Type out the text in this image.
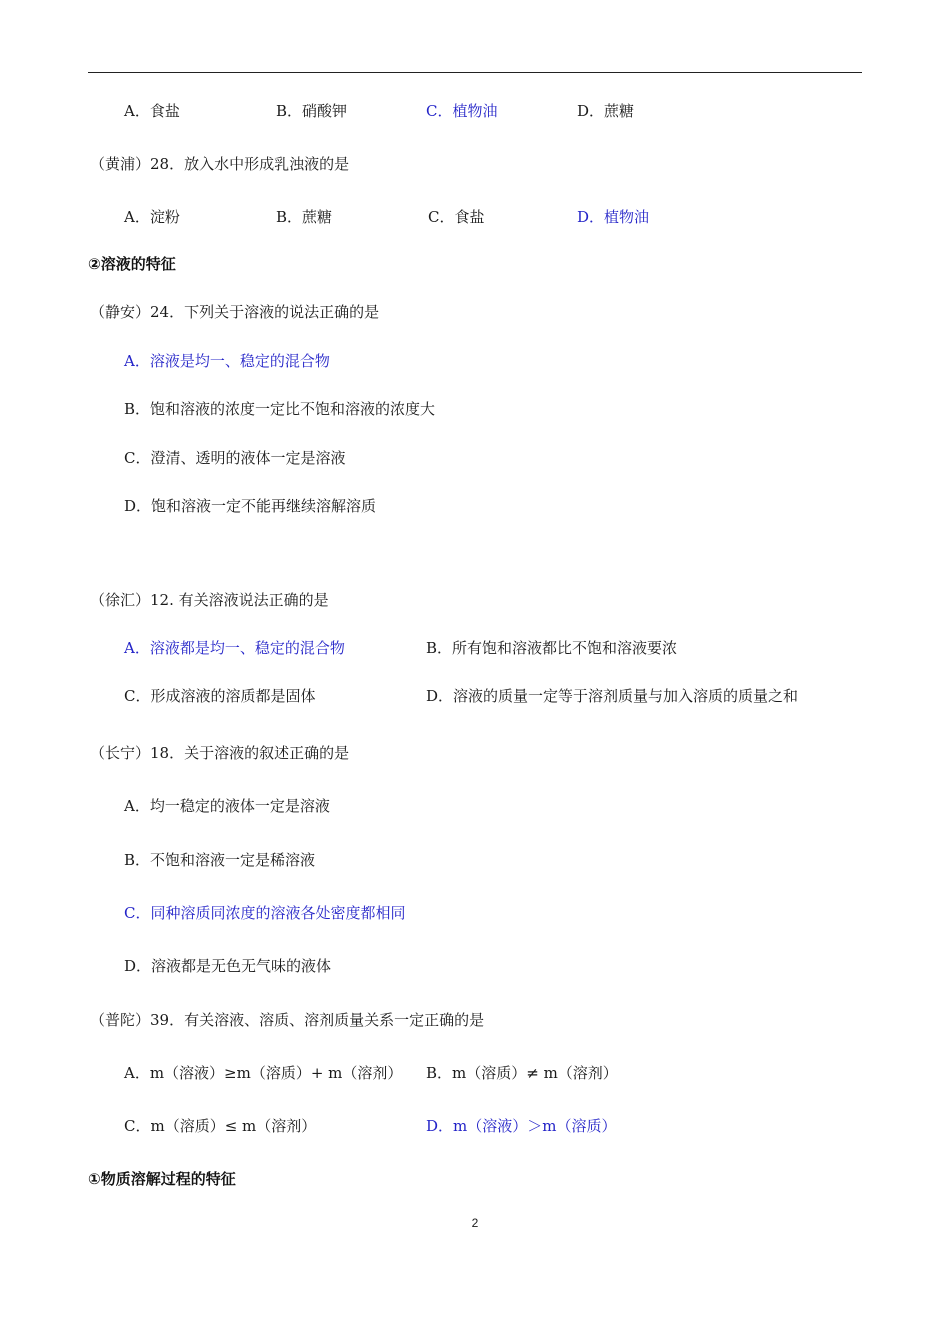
A．食盐	B．硝酸钾	C．植物油	D．蔗糖
（黄浦）28．放入水中形成乳浊液的是
A．淀粉	B．蔗糖	C．食盐	D．植物油
②溶液的特征
（静安）24．下列关于溶液的说法正确的是
A．溶液是均一、稳定的混合物
B．饱和溶液的浓度一定比不饱和溶液的浓度大
C．澄清、透明的液体一定是溶液
D．饱和溶液一定不能再继续溶解溶质
（徐汇）12. 有关溶液说法正确的是
A．溶液都是均一、稳定的混合物	B．所有饱和溶液都比不饱和溶液要浓
C．形成溶液的溶质都是固体	D．溶液的质量一定等于溶剂质量与加入溶质的质量之和
（长宁）18．关于溶液的叙述正确的是
A．均一稳定的液体一定是溶液
B．不饱和溶液一定是稀溶液
C．同种溶质同浓度的溶液各处密度都相同
D．溶液都是无色无气味的液体
（普陀）39．有关溶液、溶质、溶剂质量关系一定正确的是
A．m（溶液）≥m（溶质）+ m（溶剂） B．m（溶质）≠ m（溶剂）
C．m（溶质）≤ m（溶剂）	D．m（溶液）＞m（溶质）
①物质溶解过程的特征
2
